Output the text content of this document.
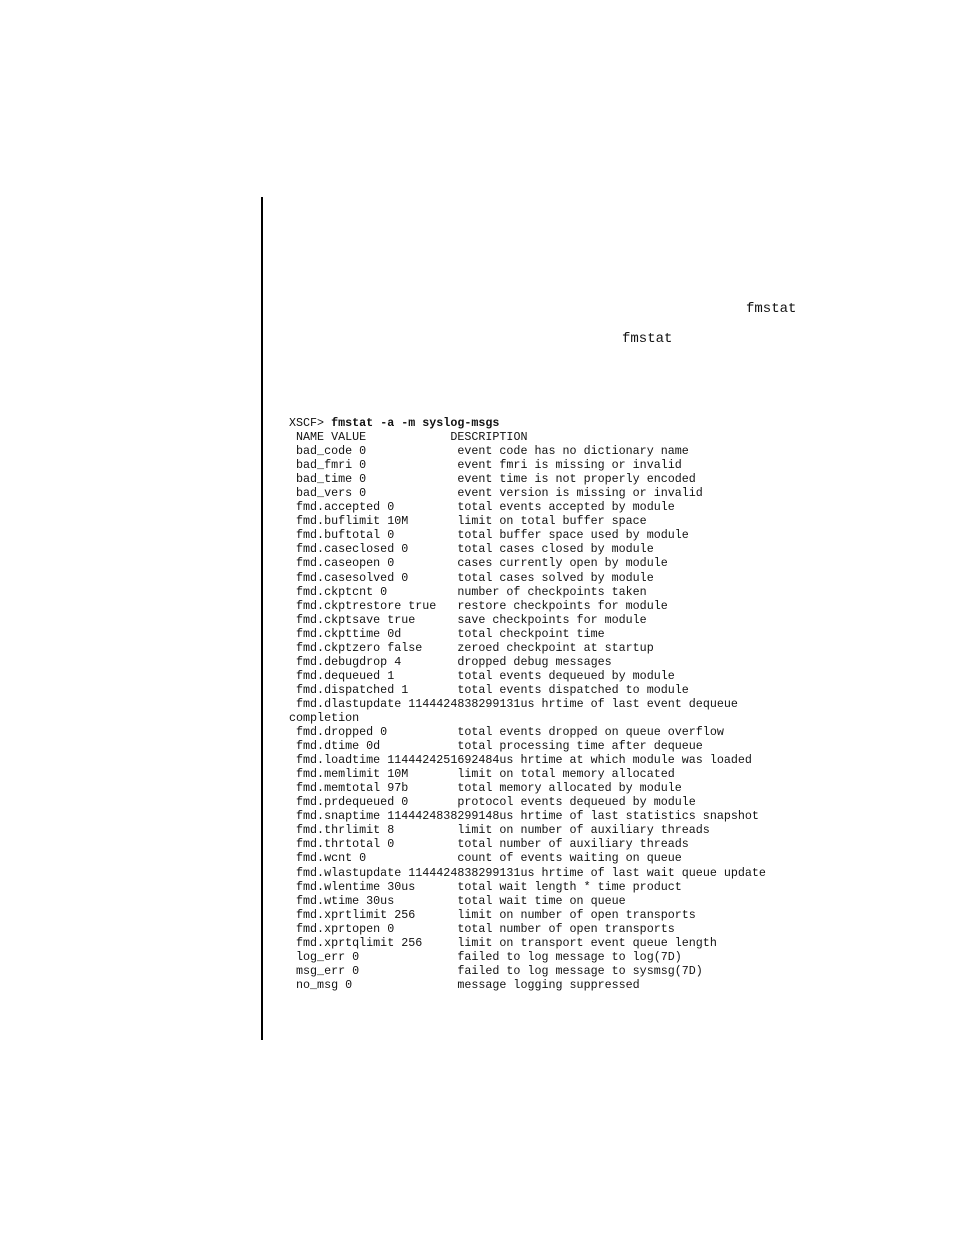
fmstat
fmstat
XSCF> fmstat -a -m syslog-msgs
NAME VALUE            DESCRIPTION
bad_code 0             event code has no dictionary name
bad_fmri 0             event fmri is missing or invalid
bad_time 0             event time is not properly encoded
bad_vers 0             event version is missing or invalid
fmd.accepted 0         total events accepted by module
fmd.buflimit 10M       limit on total buffer space
fmd.buftotal 0         total buffer space used by module
fmd.caseclosed 0       total cases closed by module
fmd.caseopen 0         cases currently open by module
fmd.casesolved 0       total cases solved by module
fmd.ckptcnt 0          number of checkpoints taken
fmd.ckptrestore true   restore checkpoints for module
fmd.ckptsave true      save checkpoints for module
fmd.ckpttime 0d        total checkpoint time
fmd.ckptzero false     zeroed checkpoint at startup
fmd.debugdrop 4        dropped debug messages
fmd.dequeued 1         total events dequeued by module
fmd.dispatched 1       total events dispatched to module
fmd.dlastupdate 1144424838299131us hrtime of last event dequeue
completion
fmd.dropped 0          total events dropped on queue overflow
fmd.dtime 0d           total processing time after dequeue
fmd.loadtime 1144424251692484us hrtime at which module was loaded
fmd.memlimit 10M       limit on total memory allocated
fmd.memtotal 97b       total memory allocated by module
fmd.prdequeued 0       protocol events dequeued by module
fmd.snaptime 1144424838299148us hrtime of last statistics snapshot
fmd.thrlimit 8         limit on number of auxiliary threads
fmd.thrtotal 0         total number of auxiliary threads
fmd.wcnt 0             count of events waiting on queue
fmd.wlastupdate 1144424838299131us hrtime of last wait queue update
fmd.wlentime 30us      total wait length * time product
fmd.wtime 30us         total wait time on queue
fmd.xprtlimit 256      limit on number of open transports
fmd.xprtopen 0         total number of open transports
fmd.xprtqlimit 256     limit on transport event queue length
log_err 0              failed to log message to log(7D)
msg_err 0              failed to log message to sysmsg(7D)
no_msg 0               message logging suppressed
